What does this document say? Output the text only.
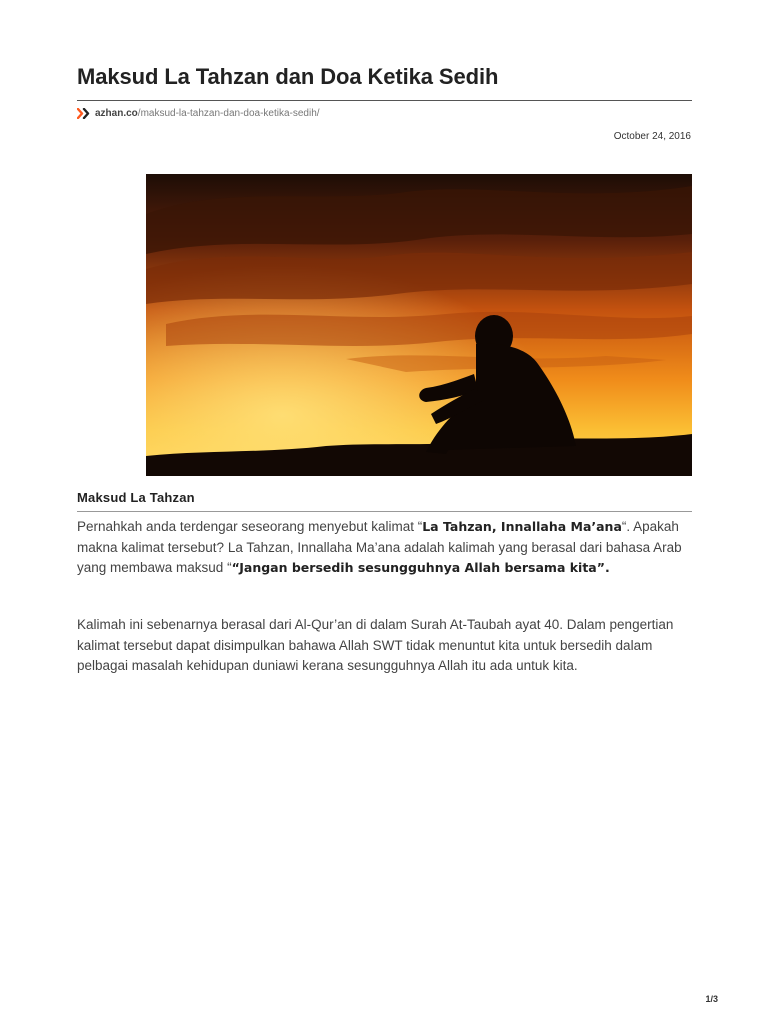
Maksud La Tahzan dan Doa Ketika Sedih
azhan.co /maksud-la-tahzan-dan-doa-ketika-sedih/
October 24, 2016
Maksud La Tahzan

Pernahkah anda terdengar seseorang menyebut kalimat “La Tahzan, Innallaha Ma’ana“. Apakah makna kalimat tersebut? La Tahzan, Innallaha Ma’ana adalah kalimah yang berasal dari bahasa Arab yang membawa maksud ““Jangan bersedih sesungguhnya Allah bersama kita”.

Kalimah ini sebenarnya berasal dari Al-Qur’an di dalam Surah At-Taubah ayat 40. Dalam pengertian kalimat tersebut dapat disimpulkan bahawa Allah SWT tidak menuntut kita untuk bersedih dalam pelbagai masalah kehidupan duniawi kerana sesungguhnya Allah itu ada untuk kita.

1/3
